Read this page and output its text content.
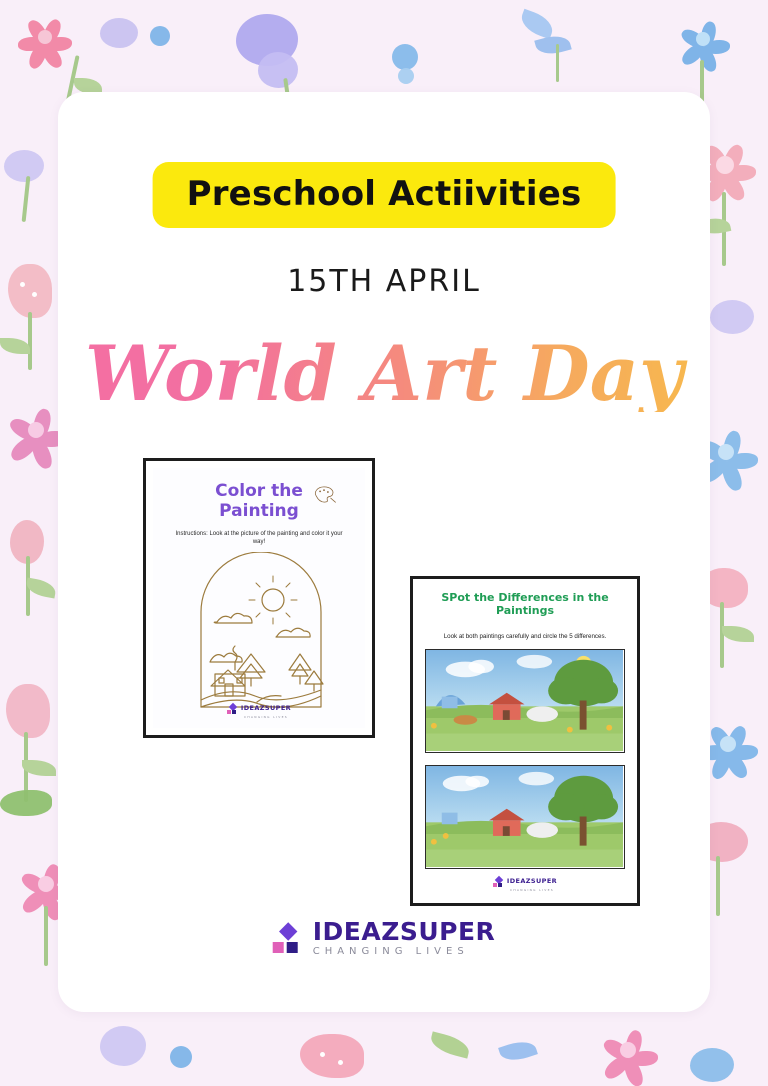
Preschool Actiivities
15TH APRIL
World Art Day
Color the
Painting
Instructions: Look at the picture of the painting and color it your way!
IDEAZSUPER
CHANGING LIVES
SPot the Differences in the
Paintings
Look at both paintings carefully and circle the 5 differences.
IDEAZSUPER
CHANGING LIVES
IDEAZSUPER
CHANGING LIVES
